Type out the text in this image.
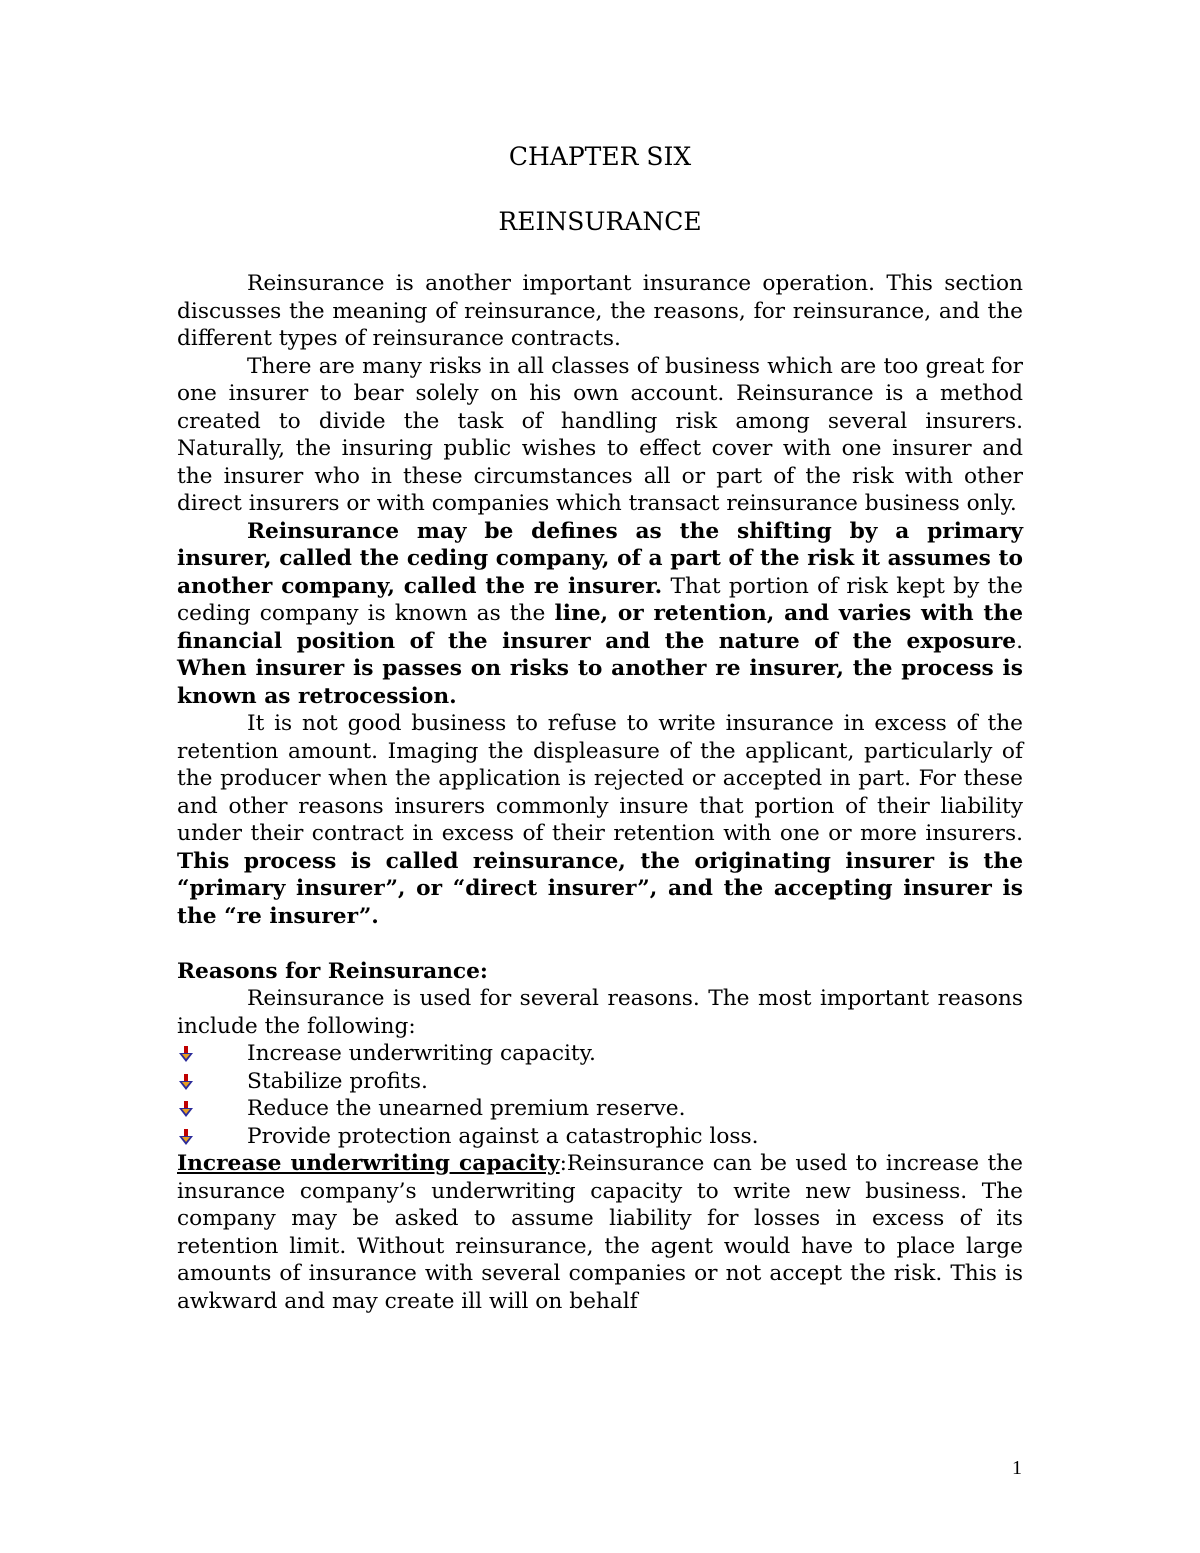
CHAPTER SIX
REINSURANCE

Reinsurance is another important insurance operation. This section discusses the meaning of reinsurance, the reasons, for reinsurance, and the different types of reinsurance contracts.

There are many risks in all classes of business which are too great for one insurer to bear solely on his own account. Reinsurance is a method created to divide the task of handling risk among several insurers. Naturally, the insuring public wishes to effect cover with one insurer and the insurer who in these circumstances all or part of the risk with other direct insurers or with companies which transact reinsurance business only.

Reinsurance may be defines as the shifting by a primary insurer, called the ceding company, of a part of the risk it assumes to another company, called the re insurer. That portion of risk kept by the ceding company is known as the line, or retention, and varies with the financial position of the insurer and the nature of the exposure. When insurer is passes on risks to another re insurer, the process is known as retrocession.

It is not good business to refuse to write insurance in excess of the retention amount. Imaging the displeasure of the applicant, particularly of the producer when the application is rejected or accepted in part. For these and other reasons insurers commonly insure that portion of their liability under their contract in excess of their retention with one or more insurers. This process is called reinsurance, the originating insurer is the “primary insurer”, or “direct insurer”, and the accepting insurer is the “re insurer”.

Reasons for Reinsurance:

Reinsurance is used for several reasons. The most important reasons include the following:

Increase underwriting capacity.
Stabilize profits.
Reduce the unearned premium reserve.
Provide protection against a catastrophic loss.

Increase underwriting capacity:Reinsurance can be used to increase the insurance company’s underwriting capacity to write new business. The company may be asked to assume liability for losses in excess of its retention limit. Without reinsurance, the agent would have to place large amounts of insurance with several companies or not accept the risk. This is awkward and may create ill will on behalf

1
